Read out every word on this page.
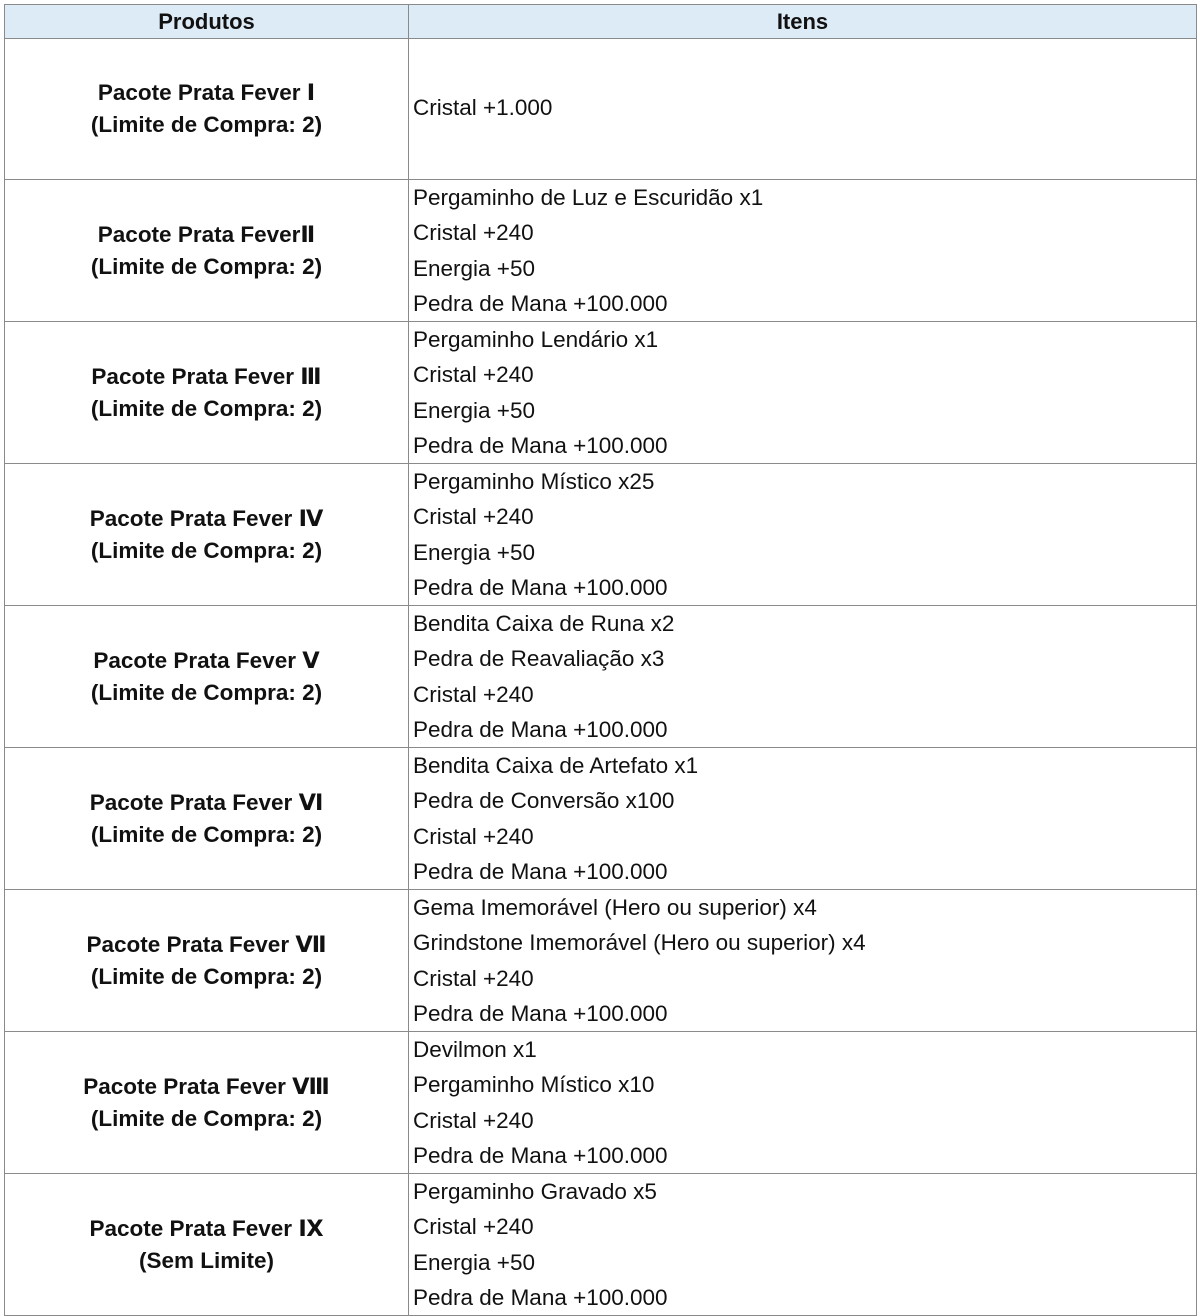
Produtos	Itens

Pacote Prata Fever Ⅰ
(Limite de Compra: 2)	Cristal +1.000

Pacote Prata FeverⅡ
(Limite de Compra: 2)	Pergaminho de Luz e Escuridão x1
Cristal +240
Energia +50
Pedra de Mana +100.000

Pacote Prata Fever Ⅲ
(Limite de Compra: 2)	Pergaminho Lendário x1
Cristal +240
Energia +50
Pedra de Mana +100.000

Pacote Prata Fever Ⅳ
(Limite de Compra: 2)	Pergaminho Místico x25
Cristal +240
Energia +50
Pedra de Mana +100.000

Pacote Prata Fever Ⅴ
(Limite de Compra: 2)	Bendita Caixa de Runa x2
Pedra de Reavaliação x3
Cristal +240
Pedra de Mana +100.000

Pacote Prata Fever Ⅵ
(Limite de Compra: 2)	Bendita Caixa de Artefato x1
Pedra de Conversão x100
Cristal +240
Pedra de Mana +100.000

Pacote Prata Fever Ⅶ
(Limite de Compra: 2)	Gema Imemorável (Hero ou superior) x4
Grindstone Imemorável (Hero ou superior) x4
Cristal +240
Pedra de Mana +100.000

Pacote Prata Fever Ⅷ
(Limite de Compra: 2)	Devilmon x1
Pergaminho Místico x10
Cristal +240
Pedra de Mana +100.000

Pacote Prata Fever Ⅸ
(Sem Limite)	Pergaminho Gravado x5
Cristal +240
Energia +50
Pedra de Mana +100.000
